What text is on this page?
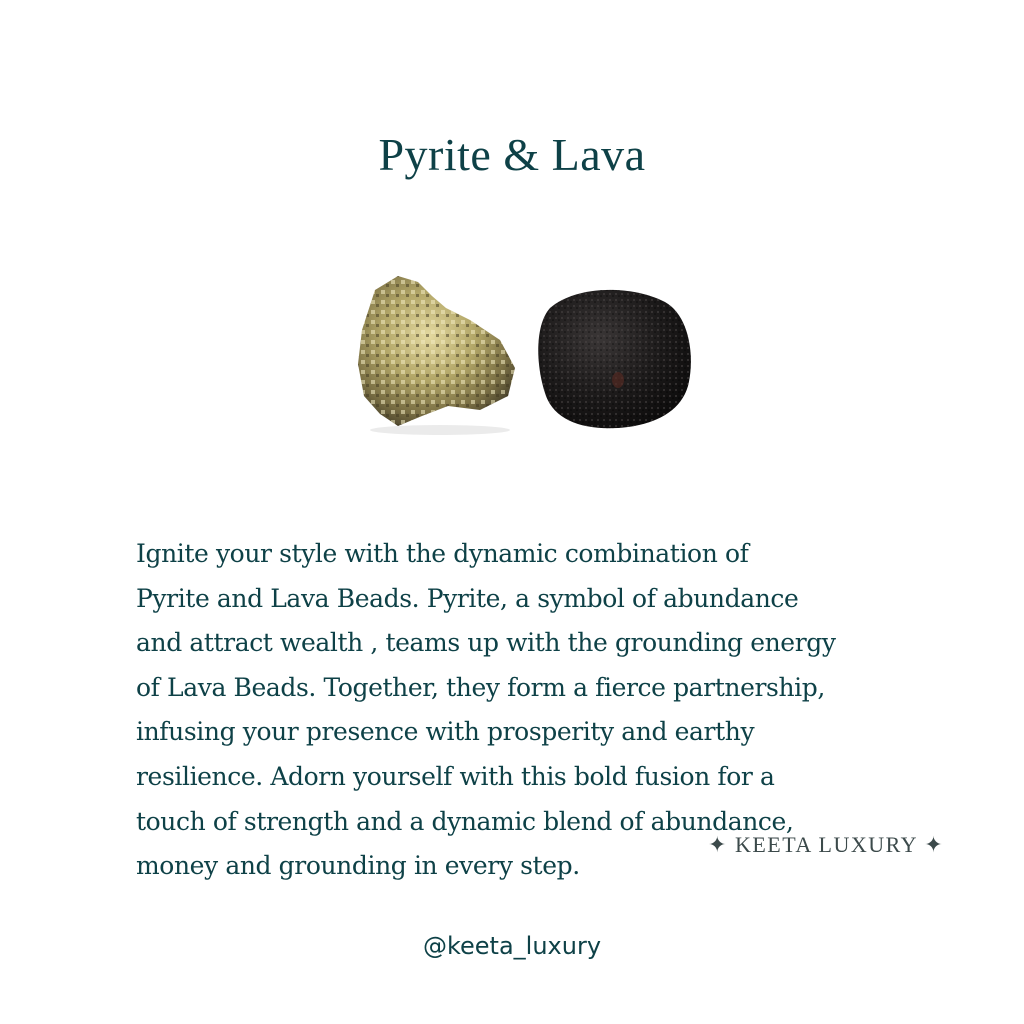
Pyrite & Lava
Ignite your style with the dynamic combination of
Pyrite and Lava Beads. Pyrite, a symbol of abundance
and attract wealth , teams up with the grounding energy
of Lava Beads. Together, they form a fierce partnership,
infusing your presence with prosperity and earthy
resilience. Adorn yourself with this bold fusion for a
touch of strength and a dynamic blend of abundance,
money and grounding in every step.
✦ KEETA LUXURY ✦
@keeta_luxury
